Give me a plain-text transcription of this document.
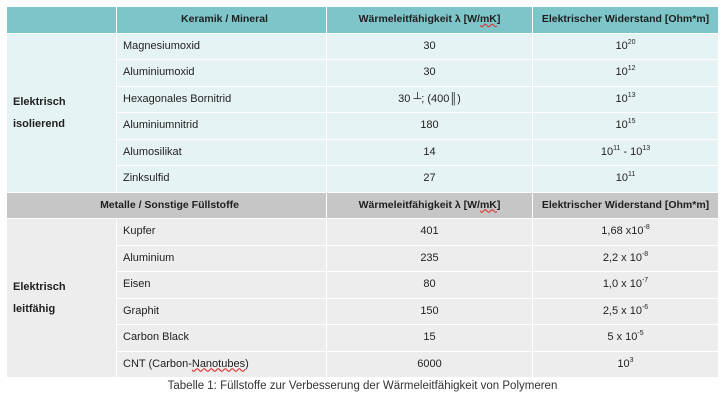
	Keramik / Mineral	Wärmeleitfähigkeit λ [W/mK]	Elektrischer Widerstand [Ohm*m]
Elektrisch
isolierend	Magnesiumoxid	30	$10^{20}$
	Aluminiumoxid	30	$10^{12}$
	Hexagonales Bornitrid	30 ┴; (400║)	$10^{13}$
	Aluminiumnitrid	180	$10^{15}$
	Alumosilikat	14	$10^{11} - 10^{13}$
	Zinksulfid	27	$10^{11}$
Metalle / Sonstige Füllstoffe		Wärmeleitfähigkeit λ [W/mK]	Elektrischer Widerstand [Ohm*m]
Elektrisch
leitfähig	Kupfer	401	1,68 $x10^{-8}$
	Aluminium	235	2,2 x $10^{-8}$
	Eisen	80	1,0 x $10^{-7}$
	Graphit	150	2,5 x $10^{-6}$
	Carbon Black	15	5 x $10^{-5}$
	CNT (Carbon-Nanotubes)	6000	$10^3$
Tabelle 1: Füllstoffe zur Verbesserung der Wärmeleitfähigkeit von Polymeren
